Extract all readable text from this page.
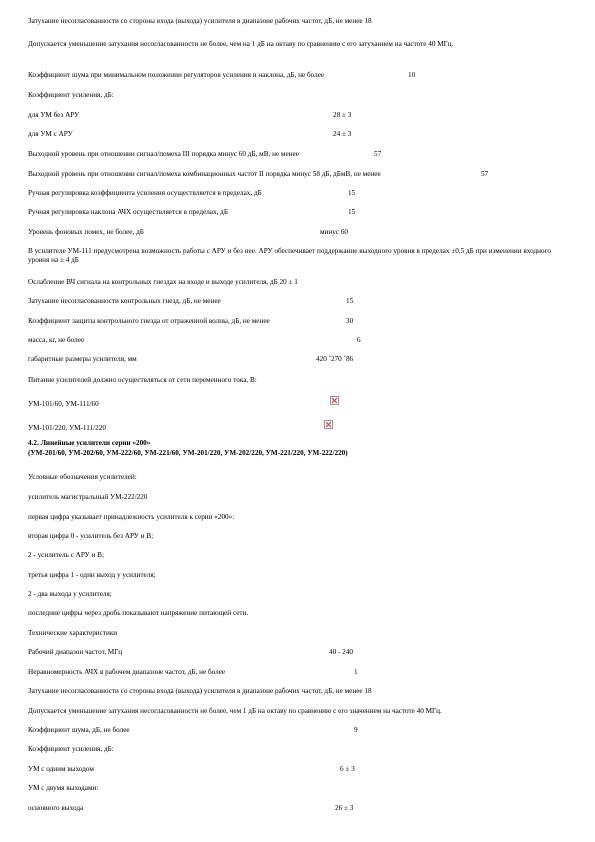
Затухание несогласованности со стороны входа (выхода) усилителя в диапазоне рабочих частот, дБ, не менее 18
Допускается уменьшение затухания несогласованности не более, чем на 1 дБ на октаву по сравнению с его затуханием на частоте 40 МГц.
Коэффициент шума при минимальном положении регуляторов усиления и наклона, дБ, не более	10
Коэффициент усиления, дБ:
для УМ без АРУ	28 ± 3
для УМ с АРУ	24 ± 3
Выходной уровень при отношении сигнал/помеха III порядка минус 60 дБ, мВ, не менее	57
Выходной уровень при отношении сигнал/помеха комбинационных частот II порядка минус 58 дБ, дБмВ, не менее	57
Ручная регулировка коэффициента усиления осуществляется в пределах, дБ	15
Ручная регулировка наклона АЧХ осуществляется в пределах, дБ	15
Уровень фоновых помех, не более, дБ	минус 60
В усилителе УМ-111 предусмотрена возможность работы с АРУ и без нее. АРУ обеспечивает поддержание выходного уровня в пределах ±0,5 дБ при изменении входного уровня на ± 4 дБ
Ослабление ВЧ сигнала на контрольных гнездах на входе и выходе усилителя, дБ 20 ± 1
Затухание несогласованности контрольных гнезд, дБ, не менее	15
Коэффициент защиты контрольного гнезда от отраженной волны, дБ, не менее	30
масса, кг, не более	6
габаритные размеры усилителя, мм	420 ˚270 ˚86
Питание усилителей должно осуществляться от сети переменного тока, В:
УМ-101/60, УМ-111/60
УМ-101/220, УМ-111/220
4.2. Линейные усилители серии «200»
(УМ-201/60, УМ-202/60, УМ-222/60, УМ-221/60, УМ-201/220, УМ-202/220, УМ-221/220, УМ-222/220)
Условные обозначения усилителей:
усилитель магистральный УМ-222/220
первая цифра указывает принадлежность усилителя к серии «200»:
вторая цифра 0 - усилитель без АРУ и В;
2 - усилитель с АРУ и В;
третья цифра 1 - один выход у усилителя;
2 - два выхода у усилителя;
последние цифры через дробь показывают напряжение питающей сети.
Технические характеристики
Рабочий диапазон частот, МГц	40 - 240
Неравномерность АЧХ в рабочем диапазоне частот, дБ, не более	1
Затухание несогласованности со стороны входа (выхода) усилителя в диапазоне рабочих частот, дБ, не менее 18
Допускается уменьшение затухания несогласованности не более, чем 1 дБ на октаву по сравнению с его значением на частоте 40 МГц.
Коэффициент шума, дБ, не более	9
Коэффициент усиления, дБ:
УМ с одним выходом	6 ± 3
УМ с двумя выходами:
основного выхода	26 ± 3
